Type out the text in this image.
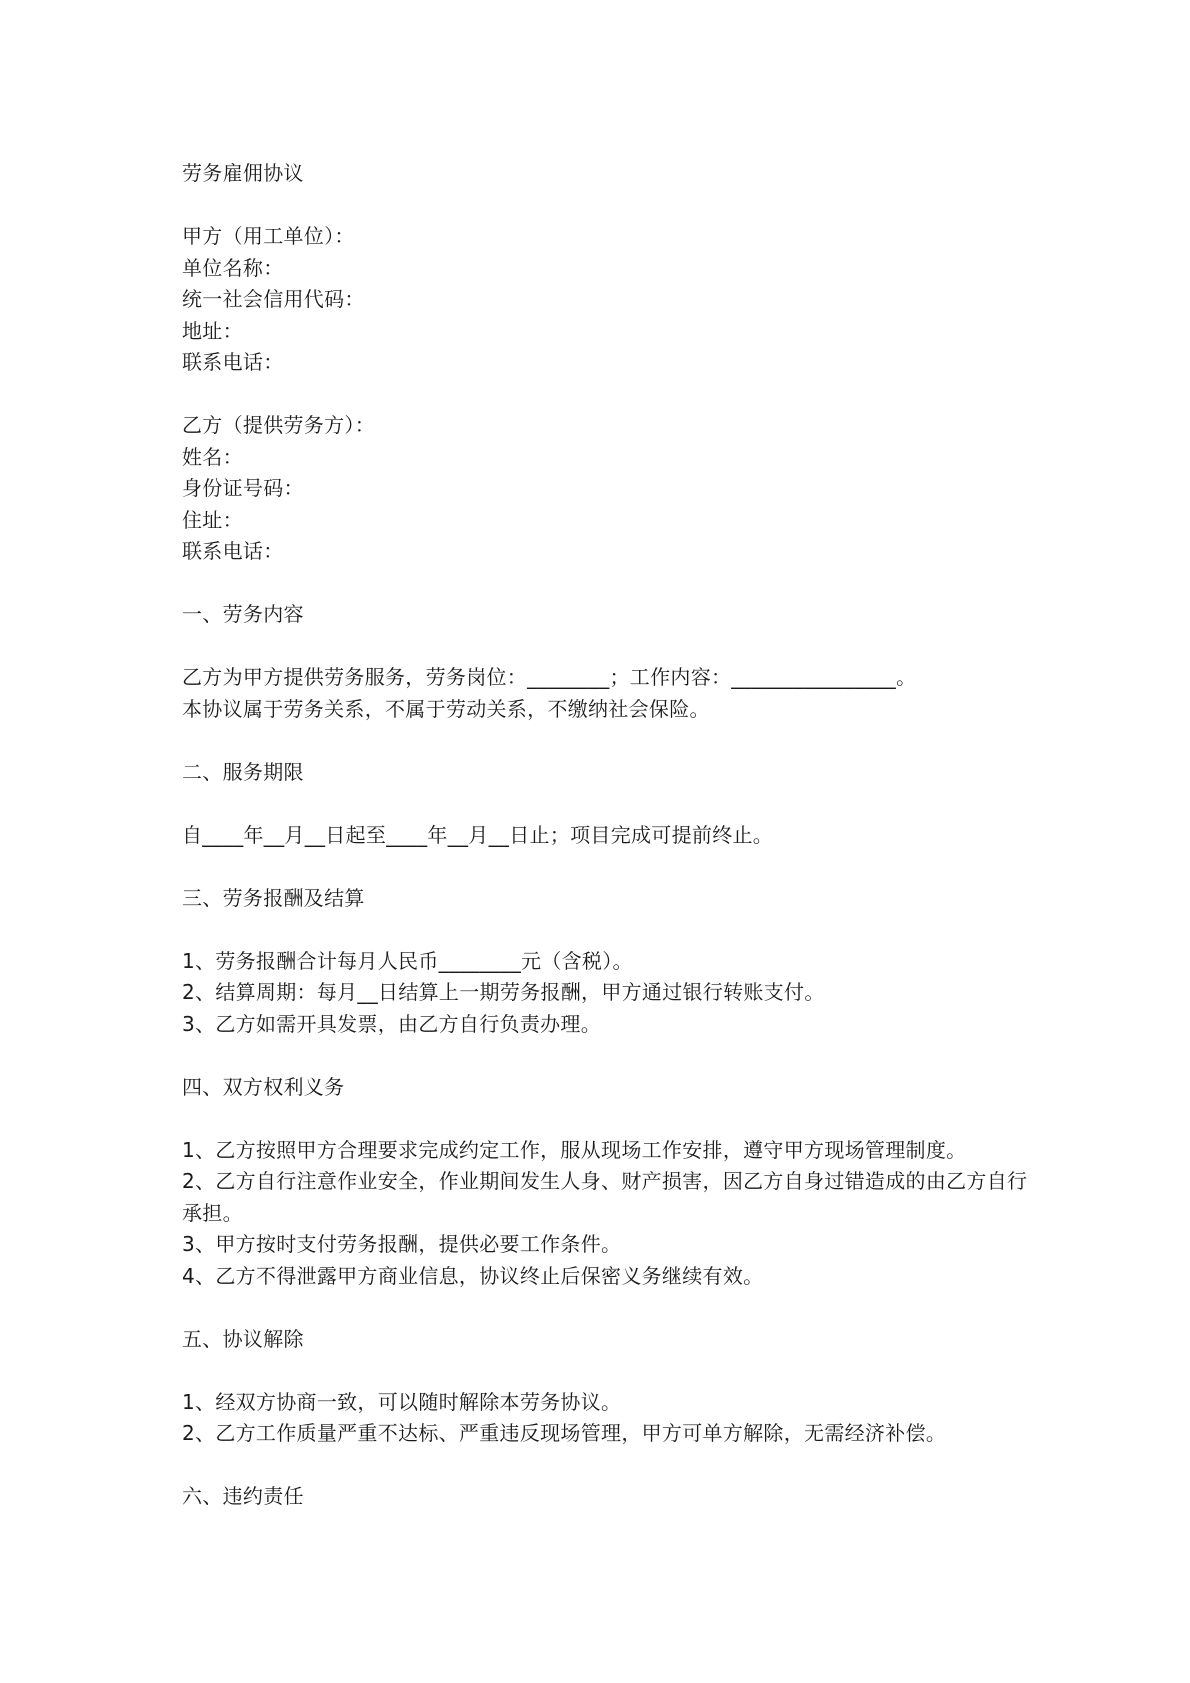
劳务雇佣协议
甲方（用工单位）：
单位名称：
统一社会信用代码：
地址：
联系电话：
乙方（提供劳务方）：
姓名：
身份证号码：
住址：
联系电话：
一、劳务内容
乙方为甲方提供劳务服务，劳务岗位：________；工作内容：________________。
本协议属于劳务关系，不属于劳动关系，不缴纳社会保险。
二、服务期限
自____年__月__日起至____年__月__日止；项目完成可提前终止。
三、劳务报酬及结算
1、劳务报酬合计每月人民币________元（含税）。
2、结算周期：每月__日结算上一期劳务报酬，甲方通过银行转账支付。
3、乙方如需开具发票，由乙方自行负责办理。
四、双方权利义务
1、乙方按照甲方合理要求完成约定工作，服从现场工作安排，遵守甲方现场管理制度。
2、乙方自行注意作业安全，作业期间发生人身、财产损害，因乙方自身过错造成的由乙方自行承担。
3、甲方按时支付劳务报酬，提供必要工作条件。
4、乙方不得泄露甲方商业信息，协议终止后保密义务继续有效。
五、协议解除
1、经双方协商一致，可以随时解除本劳务协议。
2、乙方工作质量严重不达标、严重违反现场管理，甲方可单方解除，无需经济补偿。
六、违约责任
